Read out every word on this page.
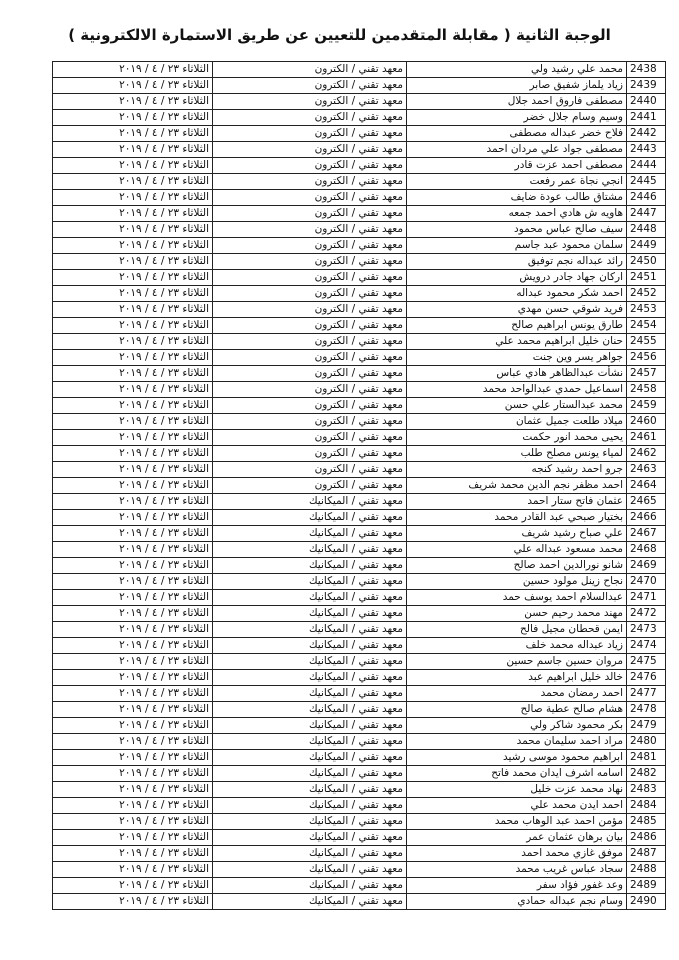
الوجبة الثانية ( مقابلة المتقدمين للتعيين عن طريق الاستمارة الالكترونية )
2438	محمد علي رشيد ولي	معهد تقني / الكترون	الثلاثاء ٢٣ / ٤ / ٢٠١٩
2439	زياد يلماز شفيق صابر	معهد تقني / الكترون	الثلاثاء ٢٣ / ٤ / ٢٠١٩
2440	مصطفى فاروق احمد جلال	معهد تقني / الكترون	الثلاثاء ٢٣ / ٤ / ٢٠١٩
2441	وسيم وسام جلال خضر	معهد تقني / الكترون	الثلاثاء ٢٣ / ٤ / ٢٠١٩
2442	فلاح خضر عبداله مصطفى	معهد تقني / الكترون	الثلاثاء ٢٣ / ٤ / ٢٠١٩
2443	مصطفى جواد علي مردان احمد	معهد تقني / الكترون	الثلاثاء ٢٣ / ٤ / ٢٠١٩
2444	مصطفى احمد عزت قادر	معهد تقني / الكترون	الثلاثاء ٢٣ / ٤ / ٢٠١٩
2445	انجي نجاة عمر رفعت	معهد تقني / الكترون	الثلاثاء ٢٣ / ٤ / ٢٠١٩
2446	مشتاق طالب عودة ضايف	معهد تقني / الكترون	الثلاثاء ٢٣ / ٤ / ٢٠١٩
2447	هاويه ش هادي احمد جمعه	معهد تقني / الكترون	الثلاثاء ٢٣ / ٤ / ٢٠١٩
2448	سيف صالح عباس محمود	معهد تقني / الكترون	الثلاثاء ٢٣ / ٤ / ٢٠١٩
2449	سلمان محمود عبد جاسم	معهد تقني / الكترون	الثلاثاء ٢٣ / ٤ / ٢٠١٩
2450	رائد عبداله نجم توفيق	معهد تقني / الكترون	الثلاثاء ٢٣ / ٤ / ٢٠١٩
2451	اركان جهاد جادر درويش	معهد تقني / الكترون	الثلاثاء ٢٣ / ٤ / ٢٠١٩
2452	احمد شكر محمود عبداله	معهد تقني / الكترون	الثلاثاء ٢٣ / ٤ / ٢٠١٩
2453	فريد شوقي حسن مهدي	معهد تقني / الكترون	الثلاثاء ٢٣ / ٤ / ٢٠١٩
2454	طارق يونس ابراهيم صالح	معهد تقني / الكترون	الثلاثاء ٢٣ / ٤ / ٢٠١٩
2455	حنان خليل ابراهيم محمد علي	معهد تقني / الكترون	الثلاثاء ٢٣ / ٤ / ٢٠١٩
2456	جواهر يسر وين جنت	معهد تقني / الكترون	الثلاثاء ٢٣ / ٤ / ٢٠١٩
2457	نشأت عبدالظاهر هادي عباس	معهد تقني / الكترون	الثلاثاء ٢٣ / ٤ / ٢٠١٩
2458	اسماعيل حمدي عبدالواحد محمد	معهد تقني / الكترون	الثلاثاء ٢٣ / ٤ / ٢٠١٩
2459	محمد عبدالستار علي حسن	معهد تقني / الكترون	الثلاثاء ٢٣ / ٤ / ٢٠١٩
2460	ميلاد طلعت جميل عثمان	معهد تقني / الكترون	الثلاثاء ٢٣ / ٤ / ٢٠١٩
2461	يحيى محمد انور حكمت	معهد تقني / الكترون	الثلاثاء ٢٣ / ٤ / ٢٠١٩
2462	لمياء يونس مصلح طلب	معهد تقني / الكترون	الثلاثاء ٢٣ / ٤ / ٢٠١٩
2463	جرو احمد رشيد كنجه	معهد تقني / الكترون	الثلاثاء ٢٣ / ٤ / ٢٠١٩
2464	احمد مظفر نجم الدين محمد شريف	معهد تقني / الكترون	الثلاثاء ٢٣ / ٤ / ٢٠١٩
2465	عثمان فاتح ستار احمد	معهد تقني / الميكانيك	الثلاثاء ٢٣ / ٤ / ٢٠١٩
2466	بختيار صبحي عبد القادر محمد	معهد تقني / الميكانيك	الثلاثاء ٢٣ / ٤ / ٢٠١٩
2467	علي صباح رشيد شريف	معهد تقني / الميكانيك	الثلاثاء ٢٣ / ٤ / ٢٠١٩
2468	محمد مسعود عبداله علي	معهد تقني / الميكانيك	الثلاثاء ٢٣ / ٤ / ٢٠١٩
2469	شانو نورالدين احمد صالح	معهد تقني / الميكانيك	الثلاثاء ٢٣ / ٤ / ٢٠١٩
2470	نجاح زينل مولود حسين	معهد تقني / الميكانيك	الثلاثاء ٢٣ / ٤ / ٢٠١٩
2471	عبدالسلام احمد يوسف حمد	معهد تقني / الميكانيك	الثلاثاء ٢٣ / ٤ / ٢٠١٩
2472	مهند محمد رحيم حسن	معهد تقني / الميكانيك	الثلاثاء ٢٣ / ٤ / ٢٠١٩
2473	ايمن قحطان مجيل فالح	معهد تقني / الميكانيك	الثلاثاء ٢٣ / ٤ / ٢٠١٩
2474	زياد عبداله محمد خلف	معهد تقني / الميكانيك	الثلاثاء ٢٣ / ٤ / ٢٠١٩
2475	مروان حسين جاسم حسين	معهد تقني / الميكانيك	الثلاثاء ٢٣ / ٤ / ٢٠١٩
2476	خالد خليل ابراهيم عبد	معهد تقني / الميكانيك	الثلاثاء ٢٣ / ٤ / ٢٠١٩
2477	احمد رمضان محمد	معهد تقني / الميكانيك	الثلاثاء ٢٣ / ٤ / ٢٠١٩
2478	هشام صالح عطية صالح	معهد تقني / الميكانيك	الثلاثاء ٢٣ / ٤ / ٢٠١٩
2479	بكر محمود شاكر ولي	معهد تقني / الميكانيك	الثلاثاء ٢٣ / ٤ / ٢٠١٩
2480	مراد احمد سليمان محمد	معهد تقني / الميكانيك	الثلاثاء ٢٣ / ٤ / ٢٠١٩
2481	ابراهيم محمود موسى رشيد	معهد تقني / الميكانيك	الثلاثاء ٢٣ / ٤ / ٢٠١٩
2482	اسامه اشرف ايدان محمد فاتح	معهد تقني / الميكانيك	الثلاثاء ٢٣ / ٤ / ٢٠١٩
2483	نهاد محمد عزت خليل	معهد تقني / الميكانيك	الثلاثاء ٢٣ / ٤ / ٢٠١٩
2484	احمد ايدن محمد علي	معهد تقني / الميكانيك	الثلاثاء ٢٣ / ٤ / ٢٠١٩
2485	مؤمن احمد عبد الوهاب محمد	معهد تقني / الميكانيك	الثلاثاء ٢٣ / ٤ / ٢٠١٩
2486	بيان برهان عثمان عمر	معهد تقني / الميكانيك	الثلاثاء ٢٣ / ٤ / ٢٠١٩
2487	موفق غازي محمد احمد	معهد تقني / الميكانيك	الثلاثاء ٢٣ / ٤ / ٢٠١٩
2488	سجاد عباس غريب محمد	معهد تقني / الميكانيك	الثلاثاء ٢٣ / ٤ / ٢٠١٩
2489	وعد غفور فؤاد سفر	معهد تقني / الميكانيك	الثلاثاء ٢٣ / ٤ / ٢٠١٩
2490	وسام نجم عبداله حمادي	معهد تقني / الميكانيك	الثلاثاء ٢٣ / ٤ / ٢٠١٩
